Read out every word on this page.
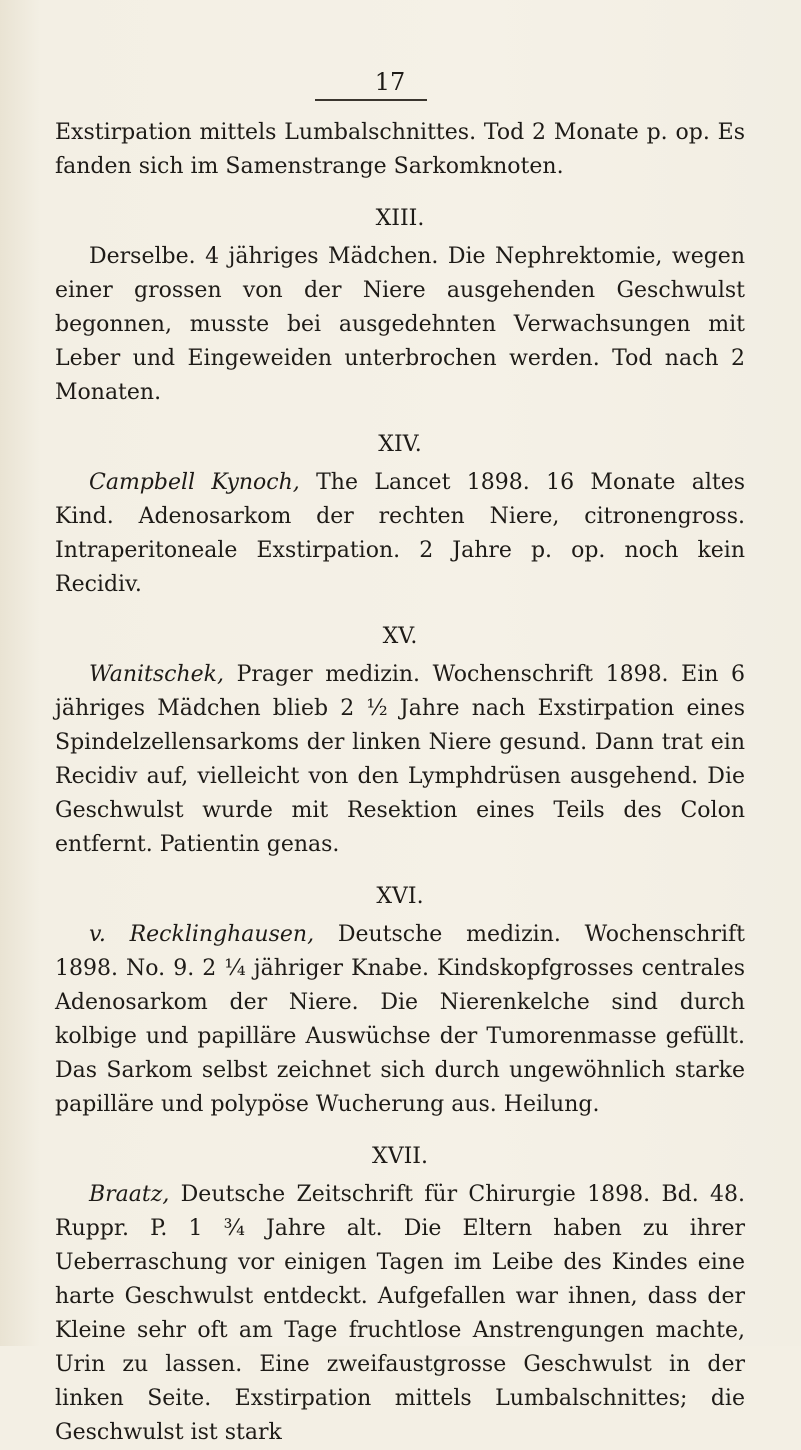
17

Exstirpation mittels Lumbalschnittes. Tod 2 Monate p. op. Es fanden sich im Samenstrange Sarkomknoten.

XIII.

Derselbe. 4 jähriges Mädchen. Die Nephrektomie, wegen einer grossen von der Niere ausgehenden Geschwulst begonnen, musste bei ausgedehnten Verwachsungen mit Leber und Eingeweiden unterbrochen werden. Tod nach 2 Monaten.

XIV.

Campbell Kynoch, The Lancet 1898. 16 Monate altes Kind. Adenosarkom der rechten Niere, citronengross. Intraperitoneale Exstirpation. 2 Jahre p. op. noch kein Recidiv.

XV.

Wanitschek, Prager medizin. Wochenschrift 1898. Ein 6 jähriges Mädchen blieb 2 ½ Jahre nach Exstirpation eines Spindelzellensarkoms der linken Niere gesund. Dann trat ein Recidiv auf, vielleicht von den Lymphdrüsen ausgehend. Die Geschwulst wurde mit Resektion eines Teils des Colon entfernt. Patientin genas.

XVI.

v. Recklinghausen, Deutsche medizin. Wochenschrift 1898. No. 9. 2 ¼ jähriger Knabe. Kindskopfgrosses centrales Adenosarkom der Niere. Die Nierenkelche sind durch kolbige und papilläre Auswüchse der Tumorenmasse gefüllt. Das Sarkom selbst zeichnet sich durch ungewöhnlich starke papilläre und polypöse Wucherung aus. Heilung.

XVII.

Braatz, Deutsche Zeitschrift für Chirurgie 1898. Bd. 48. Ruppr. P. 1 ¾ Jahre alt. Die Eltern haben zu ihrer Ueberraschung vor einigen Tagen im Leibe des Kindes eine harte Geschwulst entdeckt. Aufgefallen war ihnen, dass der Kleine sehr oft am Tage fruchtlose Anstrengungen machte, Urin zu lassen. Eine zweifaustgrosse Geschwulst in der linken Seite. Exstirpation mittels Lumbalschnittes; die Geschwulst ist stark
